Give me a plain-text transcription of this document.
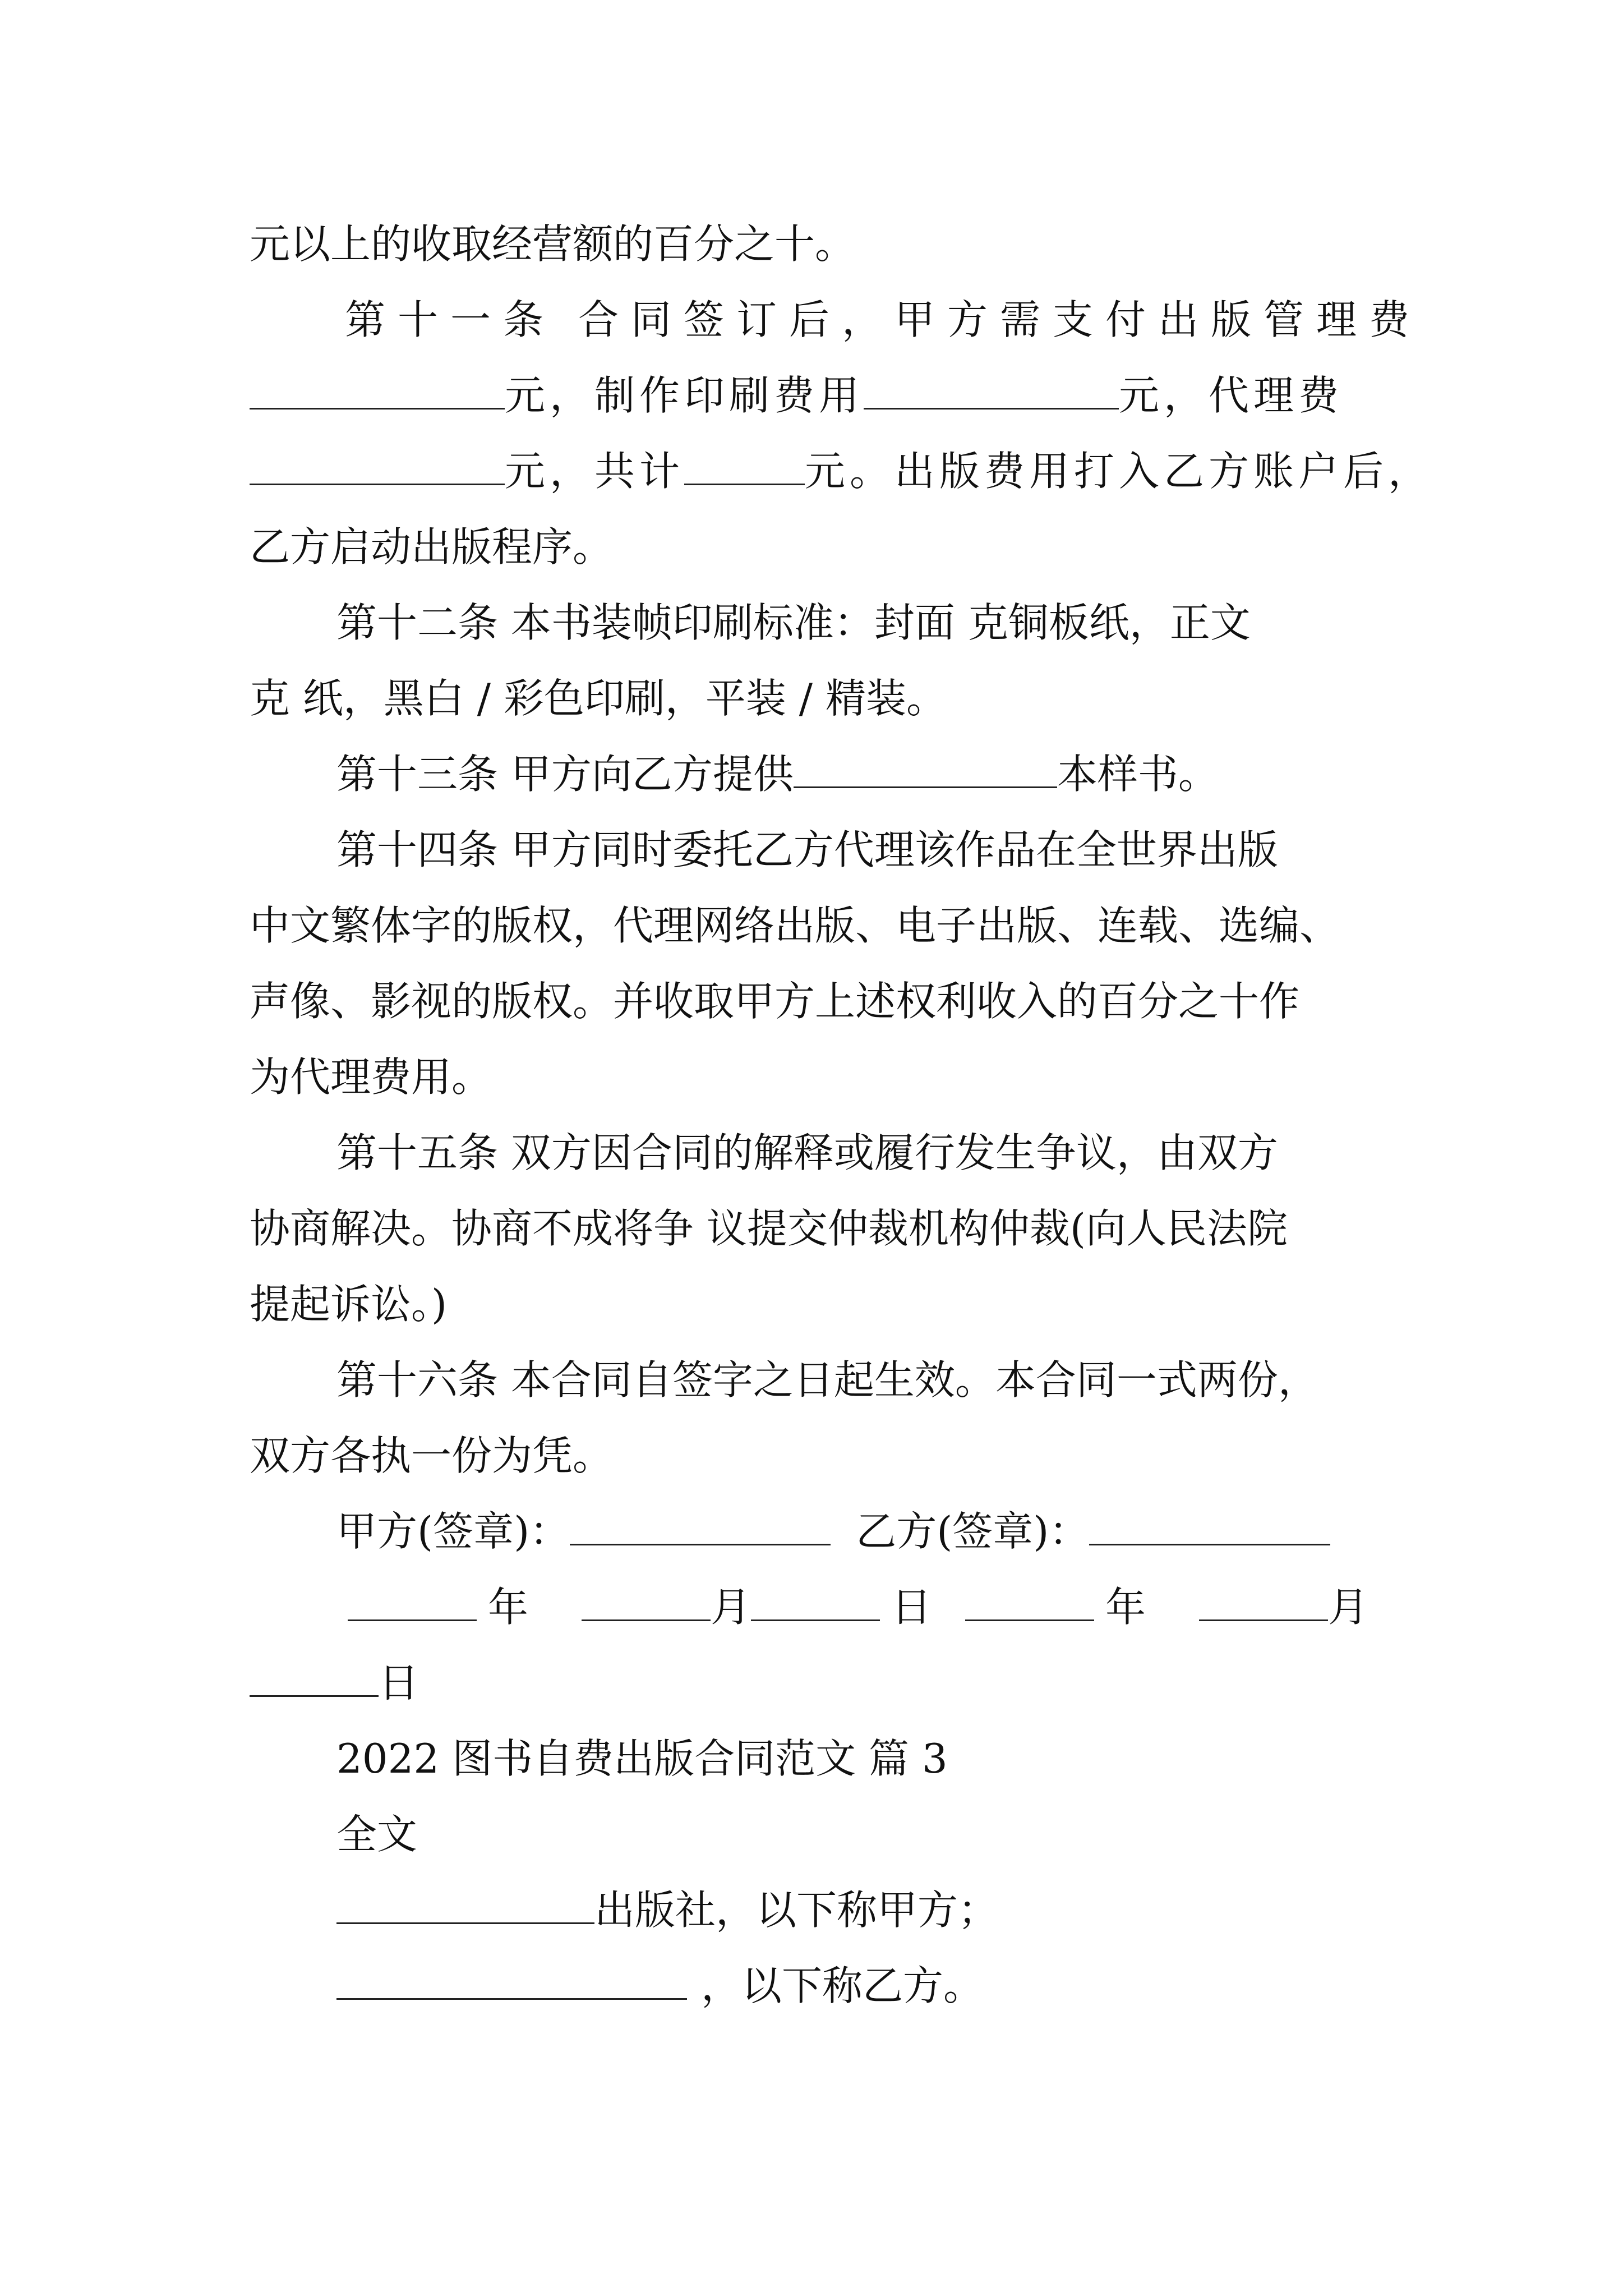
元以上的收取经营额的百分之十。
第十一条 合同签订后，甲方需支付出版管理费
元，制作印刷费用	元，代理费
元，共计	元。出版费用打入乙方账户后，
乙方启动出版程序。
第十二条 本书装帧印刷标准：封面 克铜板纸，正文
克 纸，黑白 / 彩色印刷，平装 / 精装。
第十三条 甲方向乙方提供	本样书。
第十四条 甲方同时委托乙方代理该作品在全世界出版
中文繁体字的版权，代理网络出版、电子出版、连载、选编、
声像、影视的版权。并收取甲方上述权利收入的百分之十作
为代理费用。
第十五条 双方因合同的解释或履行发生争议，由双方
协商解决。协商不成将争 议提交仲裁机构仲裁(向人民法院
提起诉讼。)
第十六条 本合同自签字之日起生效。本合同一式两份，
双方各执一份为凭。
甲方(签章)：	乙方(签章)：
年	月	日	年	月
日
2022 图书自费出版合同范文 篇 3
全文
出版社，以下称甲方；
，以下称乙方。
